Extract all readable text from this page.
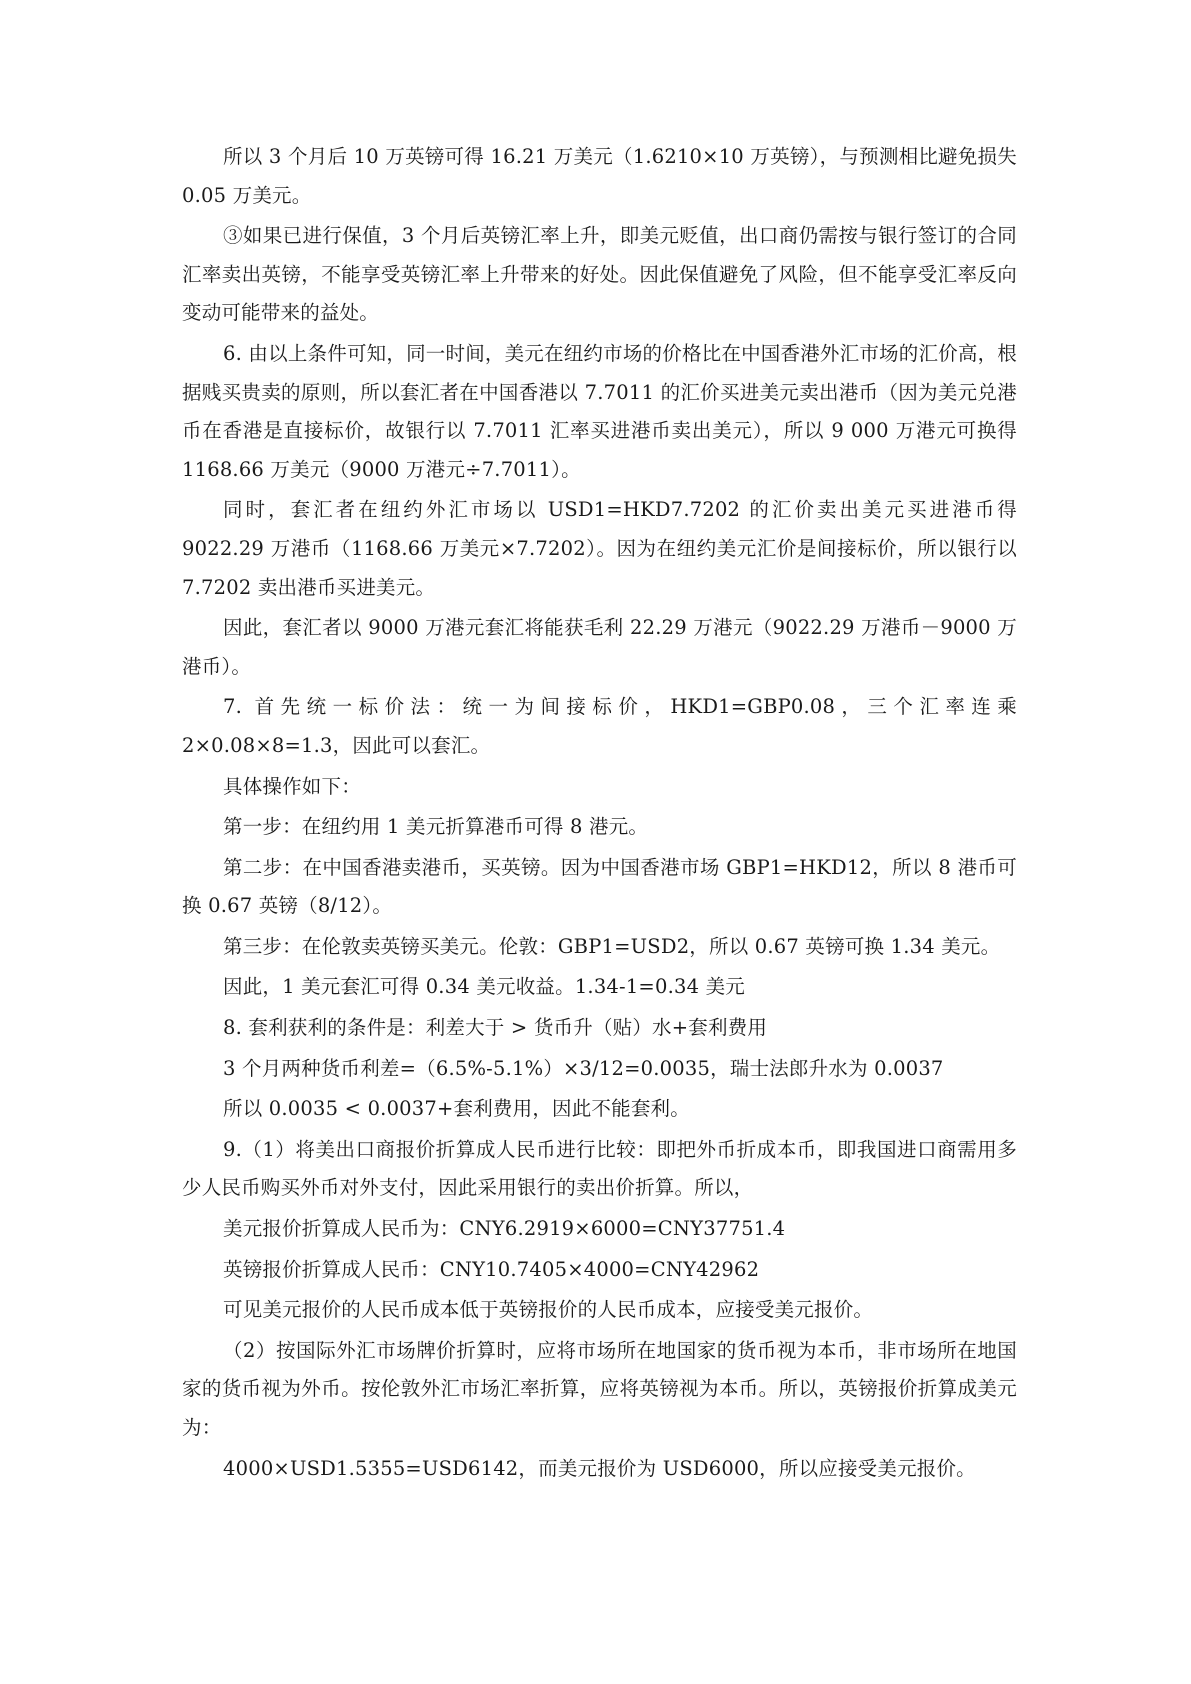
所以 3 个月后 10 万英镑可得 16.21 万美元（1.6210×10 万英镑），与预测相比避免损失 0.05 万美元。

③如果已进行保值，3 个月后英镑汇率上升，即美元贬值，出口商仍需按与银行签订的合同汇率卖出英镑，不能享受英镑汇率上升带来的好处。因此保值避免了风险，但不能享受汇率反向变动可能带来的益处。

6. 由以上条件可知，同一时间，美元在纽约市场的价格比在中国香港外汇市场的汇价高，根据贱买贵卖的原则，所以套汇者在中国香港以 7.7011 的汇价买进美元卖出港币（因为美元兑港币在香港是直接标价，故银行以 7.7011 汇率买进港币卖出美元），所以 9 000 万港元可换得 1168.66 万美元（9000 万港元÷7.7011）。

同时，套汇者在纽约外汇市场以 USD1=HKD7.7202 的汇价卖出美元买进港币得 9022.29 万港币（1168.66 万美元×7.7202）。因为在纽约美元汇价是间接标价，所以银行以 7.7202 卖出港币买进美元。

因此，套汇者以 9000 万港元套汇将能获毛利 22.29 万港元（9022.29 万港币－9000 万港币）。

7. 首先统一标价法：统一为间接标价，HKD1=GBP0.08，三个汇率连乘 2×0.08×8=1.3，因此可以套汇。

具体操作如下：

第一步：在纽约用 1 美元折算港币可得 8 港元。

第二步：在中国香港卖港币，买英镑。因为中国香港市场 GBP1=HKD12，所以 8 港币可换 0.67 英镑（8/12）。

第三步：在伦敦卖英镑买美元。伦敦：GBP1=USD2，所以 0.67 英镑可换 1.34 美元。

因此，1 美元套汇可得 0.34 美元收益。1.34-1=0.34 美元

8. 套利获利的条件是：利差大于 > 货币升（贴）水+套利费用

3 个月两种货币利差=（6.5%-5.1%）×3/12=0.0035，瑞士法郎升水为 0.0037

所以 0.0035 < 0.0037+套利费用，因此不能套利。

9.（1）将美出口商报价折算成人民币进行比较：即把外币折成本币，即我国进口商需用多少人民币购买外币对外支付，因此采用银行的卖出价折算。所以，

美元报价折算成人民币为：CNY6.2919×6000=CNY37751.4

英镑报价折算成人民币：CNY10.7405×4000=CNY42962

可见美元报价的人民币成本低于英镑报价的人民币成本，应接受美元报价。

（2）按国际外汇市场牌价折算时，应将市场所在地国家的货币视为本币，非市场所在地国家的货币视为外币。按伦敦外汇市场汇率折算，应将英镑视为本币。所以，英镑报价折算成美元为：

4000×USD1.5355=USD6142，而美元报价为 USD6000，所以应接受美元报价。
